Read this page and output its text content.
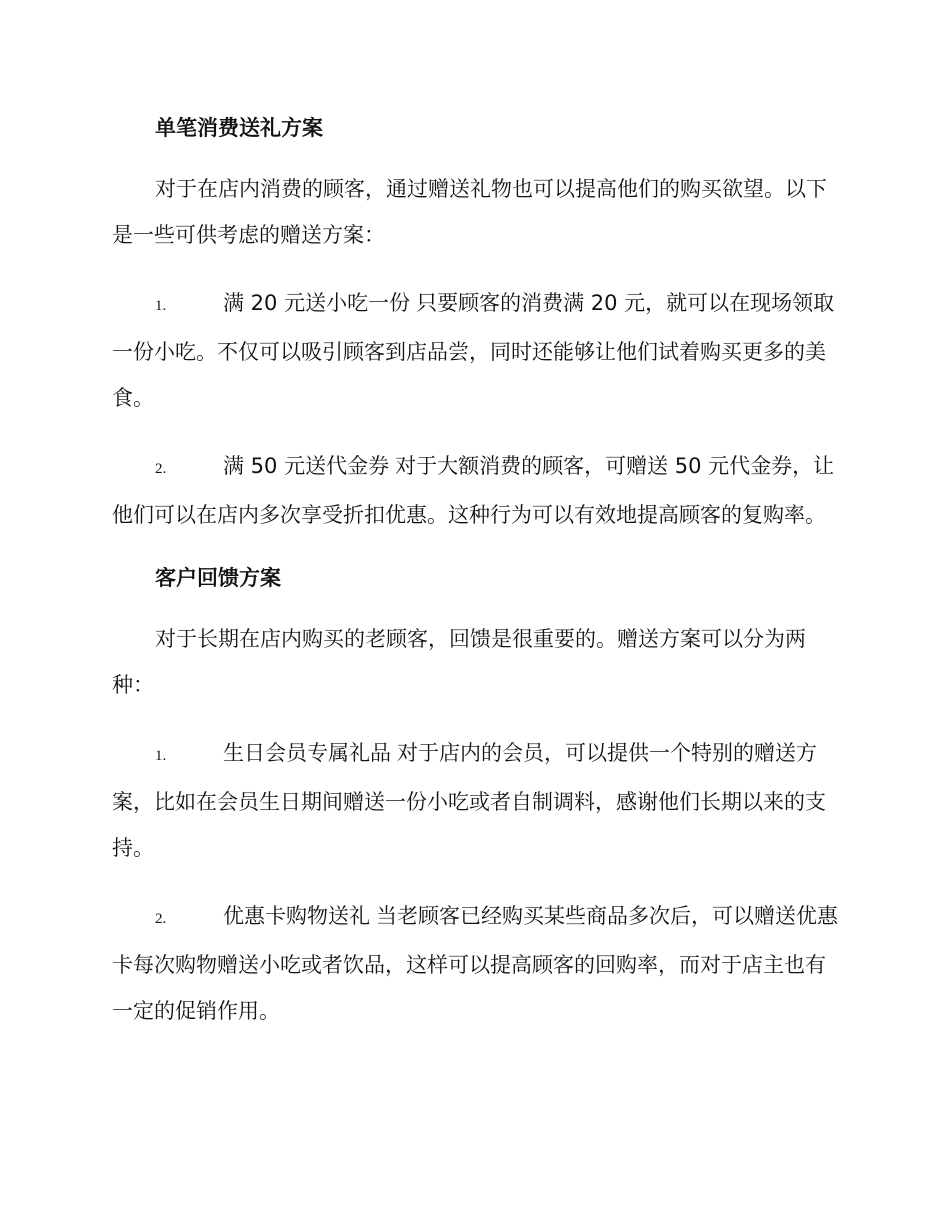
单笔消费送礼方案

对于在店内消费的顾客，通过赠送礼物也可以提高他们的购买欲望。以下是一些可供考虑的赠送方案：

1.	满 20 元送小吃一份 只要顾客的消费满 20 元，就可以在现场领取一份小吃。不仅可以吸引顾客到店品尝，同时还能够让他们试着购买更多的美食。

2.	满 50 元送代金券 对于大额消费的顾客，可赠送 50 元代金券，让他们可以在店内多次享受折扣优惠。这种行为可以有效地提高顾客的复购率。

客户回馈方案

对于长期在店内购买的老顾客，回馈是很重要的。赠送方案可以分为两种：

1.	生日会员专属礼品 对于店内的会员，可以提供一个特别的赠送方案，比如在会员生日期间赠送一份小吃或者自制调料，感谢他们长期以来的支持。

2.	优惠卡购物送礼 当老顾客已经购买某些商品多次后，可以赠送优惠卡每次购物赠送小吃或者饮品，这样可以提高顾客的回购率，而对于店主也有一定的促销作用。
